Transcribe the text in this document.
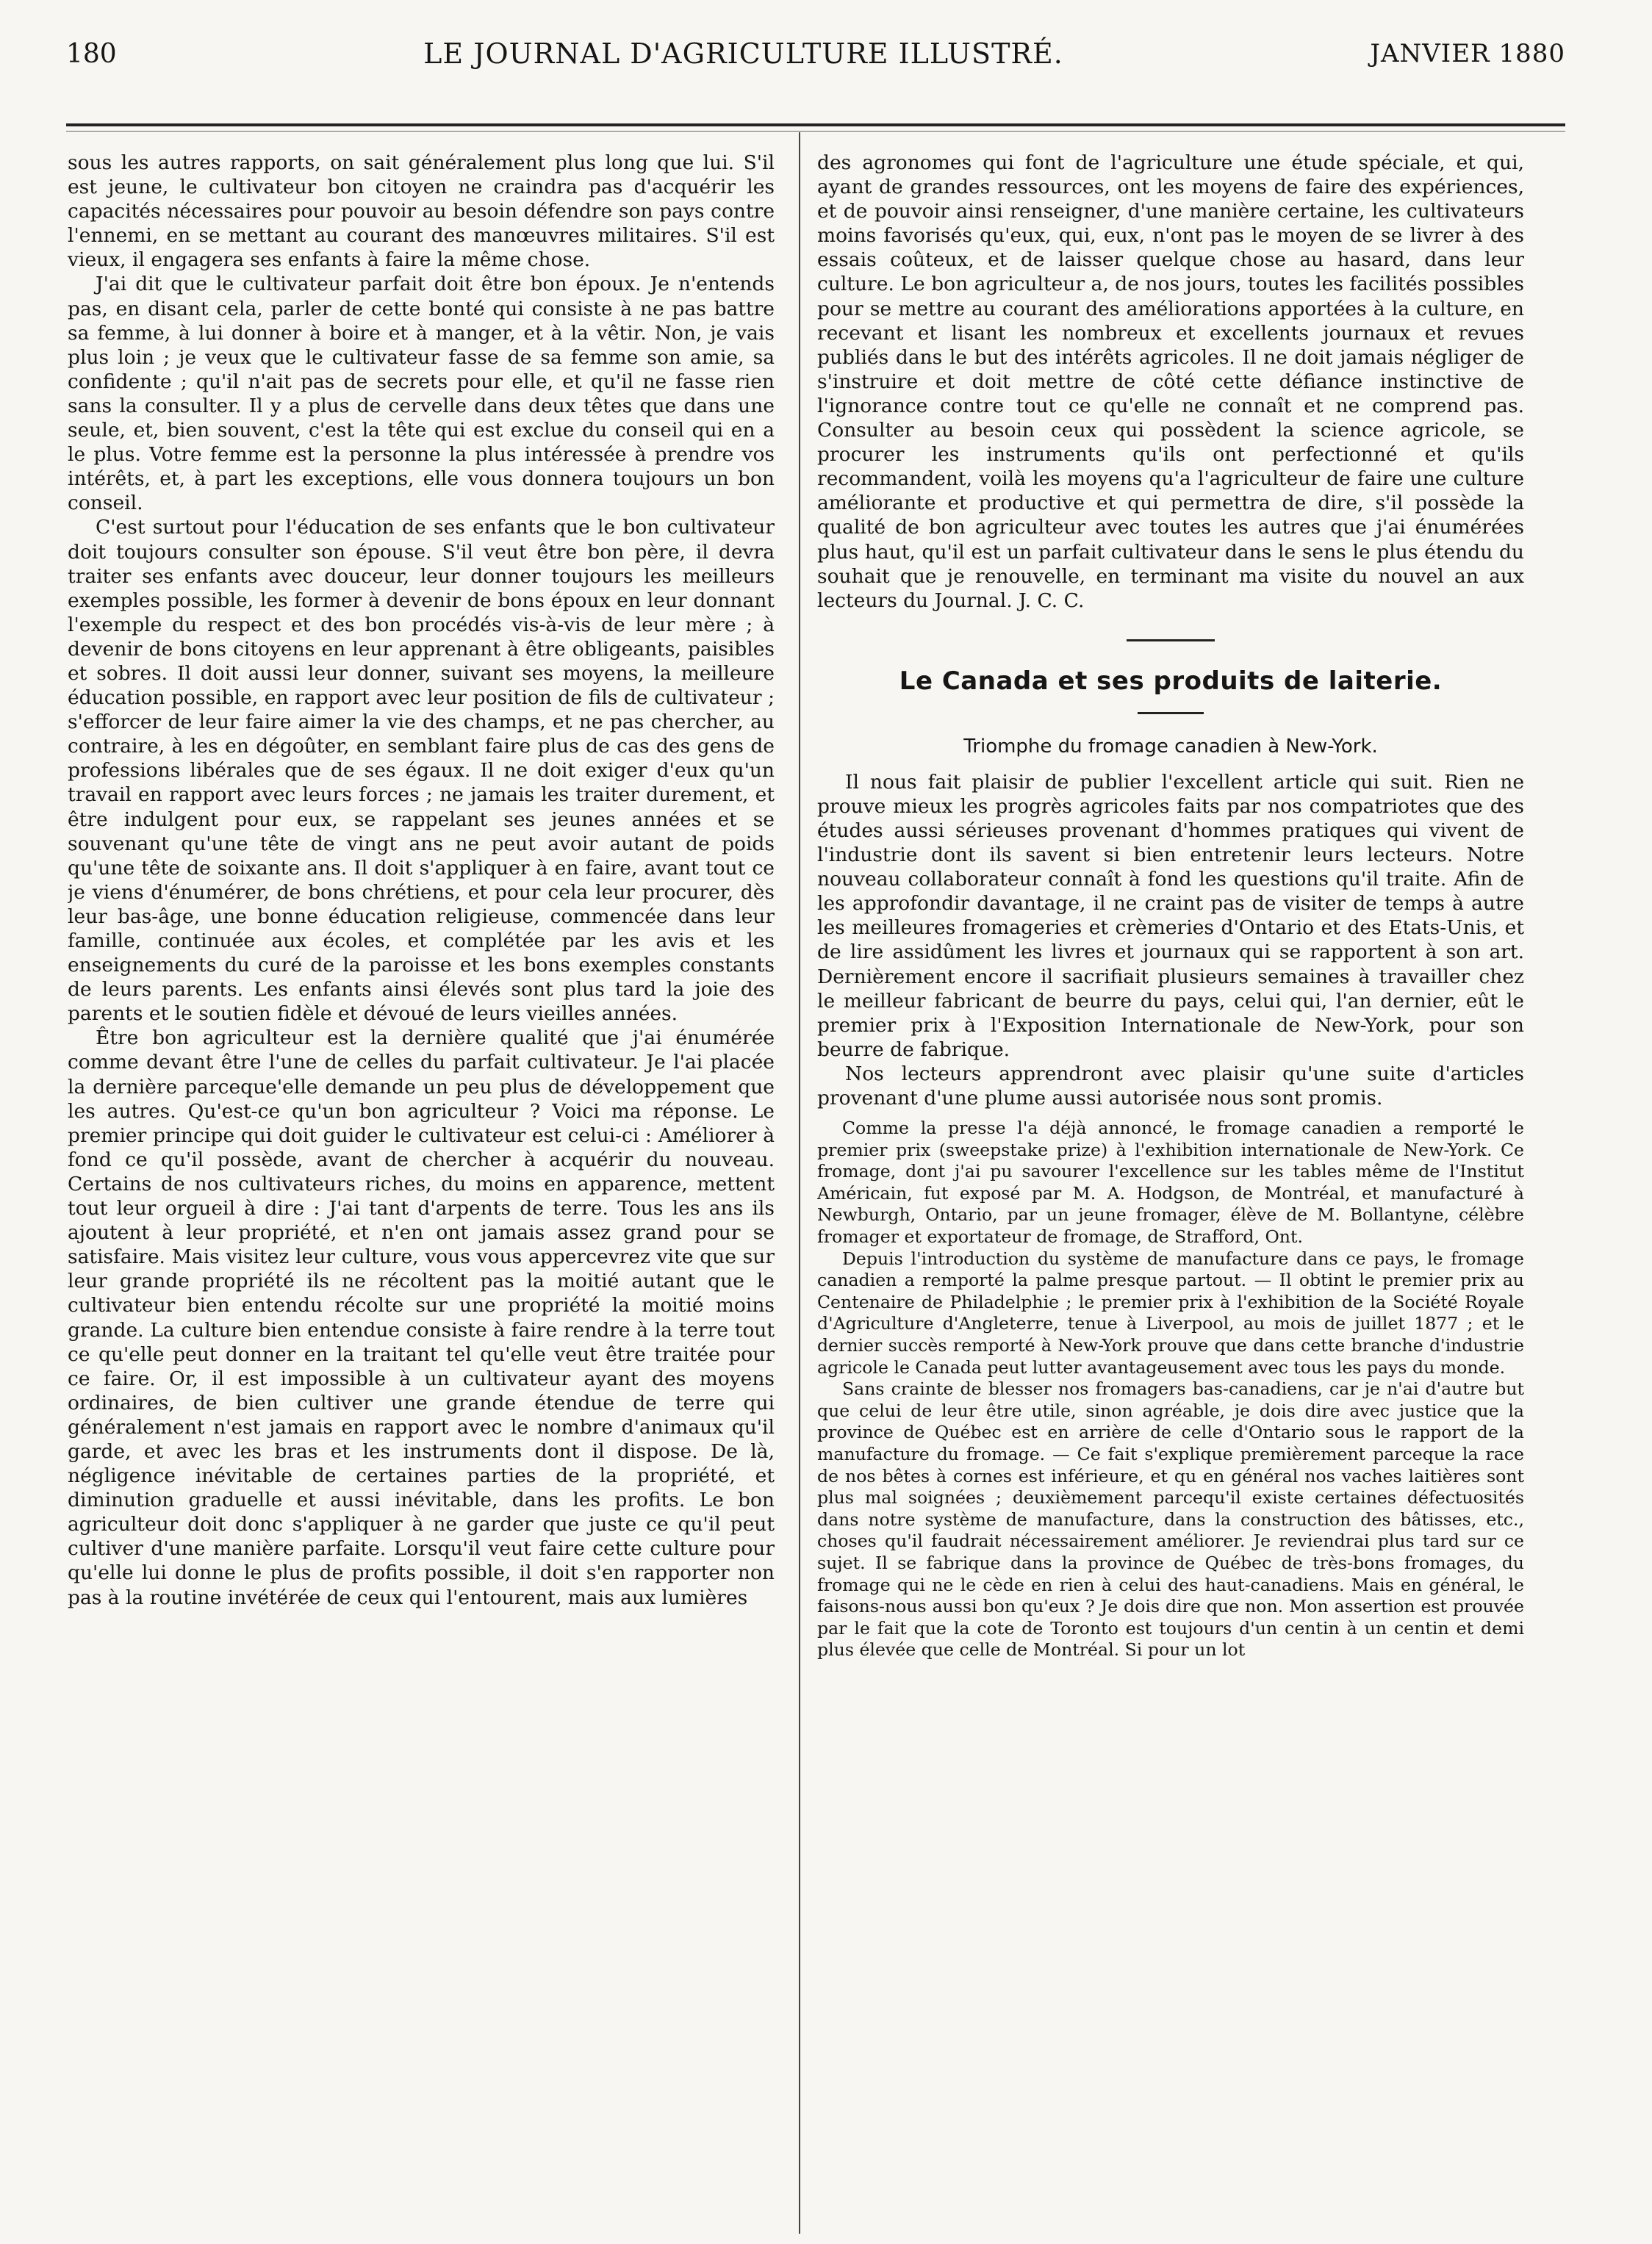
180	LE JOURNAL D'AGRICULTURE ILLUSTRÉ.	JANVIER 1880

sous les autres rapports, on sait généralement plus long que lui. S'il est jeune, le cultivateur bon citoyen ne craindra pas d'acquérir les capacités nécessaires pour pouvoir au besoin défendre son pays contre l'ennemi, en se mettant au courant des manœuvres militaires. S'il est vieux, il engagera ses enfants à faire la même chose.

J'ai dit que le cultivateur parfait doit être bon époux. Je n'entends pas, en disant cela, parler de cette bonté qui consiste à ne pas battre sa femme, à lui donner à boire et à manger, et à la vêtir. Non, je vais plus loin ; je veux que le cultivateur fasse de sa femme son amie, sa confidente ; qu'il n'ait pas de secrets pour elle, et qu'il ne fasse rien sans la consulter. Il y a plus de cervelle dans deux têtes que dans une seule, et, bien souvent, c'est la tête qui est exclue du conseil qui en a le plus. Votre femme est la personne la plus intéressée à prendre vos intérêts, et, à part les exceptions, elle vous donnera toujours un bon conseil.

C'est surtout pour l'éducation de ses enfants que le bon cultivateur doit toujours consulter son épouse. S'il veut être bon père, il devra traiter ses enfants avec douceur, leur donner toujours les meilleurs exemples possible, les former à devenir de bons époux en leur donnant l'exemple du respect et des bon procédés vis-à-vis de leur mère ; à devenir de bons citoyens en leur apprenant à être obligeants, paisibles et sobres. Il doit aussi leur donner, suivant ses moyens, la meilleure éducation possible, en rapport avec leur position de fils de cultivateur ; s'efforcer de leur faire aimer la vie des champs, et ne pas chercher, au contraire, à les en dégoûter, en semblant faire plus de cas des gens de professions libérales que de ses égaux. Il ne doit exiger d'eux qu'un travail en rapport avec leurs forces ; ne jamais les traiter durement, et être indulgent pour eux, se rappelant ses jeunes années et se souvenant qu'une tête de vingt ans ne peut avoir autant de poids qu'une tête de soixante ans. Il doit s'appliquer à en faire, avant tout ce je viens d'énumérer, de bons chrétiens, et pour cela leur procurer, dès leur bas-âge, une bonne éducation religieuse, commencée dans leur famille, continuée aux écoles, et complétée par les avis et les enseignements du curé de la paroisse et les bons exemples constants de leurs parents. Les enfants ainsi élevés sont plus tard la joie des parents et le soutien fidèle et dévoué de leurs vieilles années.

Être bon agriculteur est la dernière qualité que j'ai énumérée comme devant être l'une de celles du parfait cultivateur. Je l'ai placée la dernière parceque'elle demande un peu plus de développement que les autres. Qu'est-ce qu'un bon agriculteur ? Voici ma réponse. Le premier principe qui doit guider le cultivateur est celui-ci : Améliorer à fond ce qu'il possède, avant de chercher à acquérir du nouveau. Certains de nos cultivateurs riches, du moins en apparence, mettent tout leur orgueil à dire : J'ai tant d'arpents de terre. Tous les ans ils ajoutent à leur propriété, et n'en ont jamais assez grand pour se satisfaire. Mais visitez leur culture, vous vous appercevrez vite que sur leur grande propriété ils ne récoltent pas la moitié autant que le cultivateur bien entendu récolte sur une propriété la moitié moins grande. La culture bien entendue consiste à faire rendre à la terre tout ce qu'elle peut donner en la traitant tel qu'elle veut être traitée pour ce faire. Or, il est impossible à un cultivateur ayant des moyens ordinaires, de bien cultiver une grande étendue de terre qui généralement n'est jamais en rapport avec le nombre d'animaux qu'il garde, et avec les bras et les instruments dont il dispose. De là, négligence inévitable de certaines parties de la propriété, et diminution graduelle et aussi inévitable, dans les profits. Le bon agriculteur doit donc s'appliquer à ne garder que juste ce qu'il peut cultiver d'une manière parfaite. Lorsqu'il veut faire cette culture pour qu'elle lui donne le plus de profits possible, il doit s'en rapporter non pas à la routine invétérée de ceux qui l'entourent, mais aux lumières

des agronomes qui font de l'agriculture une étude spéciale, et qui, ayant de grandes ressources, ont les moyens de faire des expériences, et de pouvoir ainsi renseigner, d'une manière certaine, les cultivateurs moins favorisés qu'eux, qui, eux, n'ont pas le moyen de se livrer à des essais coûteux, et de laisser quelque chose au hasard, dans leur culture. Le bon agriculteur a, de nos jours, toutes les facilités possibles pour se mettre au courant des améliorations apportées à la culture, en recevant et lisant les nombreux et excellents journaux et revues publiés dans le but des intérêts agricoles. Il ne doit jamais négliger de s'instruire et doit mettre de côté cette défiance instinctive de l'ignorance contre tout ce qu'elle ne connaît et ne comprend pas. Consulter au besoin ceux qui possèdent la science agricole, se procurer les instruments qu'ils ont perfectionné et qu'ils recommandent, voilà les moyens qu'a l'agriculteur de faire une culture améliorante et productive et qui permettra de dire, s'il possède la qualité de bon agriculteur avec toutes les autres que j'ai énumérées plus haut, qu'il est un parfait cultivateur dans le sens le plus étendu du souhait que je renouvelle, en terminant ma visite du nouvel an aux lecteurs du Journal. J. C. C.

Le Canada et ses produits de laiterie.
Triomphe du fromage canadien à New-York.

Il nous fait plaisir de publier l'excellent article qui suit. Rien ne prouve mieux les progrès agricoles faits par nos compatriotes que des études aussi sérieuses provenant d'hommes pratiques qui vivent de l'industrie dont ils savent si bien entretenir leurs lecteurs. Notre nouveau collaborateur connaît à fond les questions qu'il traite. Afin de les approfondir davantage, il ne craint pas de visiter de temps à autre les meilleures fromageries et crèmeries d'Ontario et des Etats-Unis, et de lire assidûment les livres et journaux qui se rapportent à son art. Dernièrement encore il sacrifiait plusieurs semaines à travailler chez le meilleur fabricant de beurre du pays, celui qui, l'an dernier, eût le premier prix à l'Exposition Internationale de New-York, pour son beurre de fabrique.

Nos lecteurs apprendront avec plaisir qu'une suite d'articles provenant d'une plume aussi autorisée nous sont promis.

Comme la presse l'a déjà annoncé, le fromage canadien a remporté le premier prix (sweepstake prize) à l'exhibition internationale de New-York. Ce fromage, dont j'ai pu savourer l'excellence sur les tables même de l'Institut Américain, fut exposé par M. A. Hodgson, de Montréal, et manufacturé à Newburgh, Ontario, par un jeune fromager, élève de M. Bollantyne, célèbre fromager et exportateur de fromage, de Strafford, Ont.

Depuis l'introduction du système de manufacture dans ce pays, le fromage canadien a remporté la palme presque partout. — Il obtint le premier prix au Centenaire de Philadelphie ; le premier prix à l'exhibition de la Société Royale d'Agriculture d'Angleterre, tenue à Liverpool, au mois de juillet 1877 ; et le dernier succès remporté à New-York prouve que dans cette branche d'industrie agricole le Canada peut lutter avantageusement avec tous les pays du monde.

Sans crainte de blesser nos fromagers bas-canadiens, car je n'ai d'autre but que celui de leur être utile, sinon agréable, je dois dire avec justice que la province de Québec est en arrière de celle d'Ontario sous le rapport de la manufacture du fromage. — Ce fait s'explique premièrement parceque la race de nos bêtes à cornes est inférieure, et qu en général nos vaches laitières sont plus mal soignées ; deuxièmement parcequ'il existe certaines défectuosités dans notre système de manufacture, dans la construction des bâtisses, etc., choses qu'il faudrait nécessairement améliorer. Je reviendrai plus tard sur ce sujet. Il se fabrique dans la province de Québec de très-bons fromages, du fromage qui ne le cède en rien à celui des haut-canadiens. Mais en général, le faisons-nous aussi bon qu'eux ? Je dois dire que non. Mon assertion est prouvée par le fait que la cote de Toronto est toujours d'un centin à un centin et demi plus élevée que celle de Montréal. Si pour un lot
